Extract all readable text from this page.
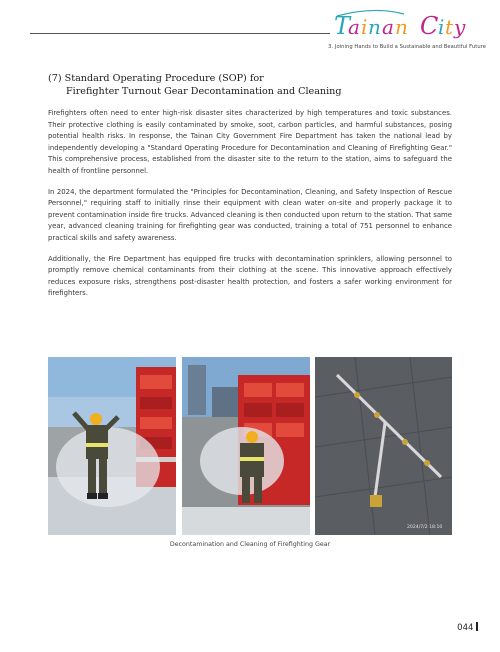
T
a i n a n C i t y
3. Joining Hands to Build a Sustainable and Beautiful Future
(7) Standard Operating Procedure (SOP) for
Firefighter Turnout Gear Decontamination and Cleaning

Firefighters often need to enter high-risk disaster sites characterized by high temperatures and toxic substances. Their protective clothing is easily contaminated by smoke, soot, carbon particles, and harmful substances, posing potential health risks. In response, the Tainan City Government Fire Department has taken the national lead by independently developing a "Standard Operating Procedure for Decontamination and Cleaning of Firefighting Gear." This comprehensive process, established from the disaster site to the return to the station, aims to safeguard the health of frontline personnel.

In 2024, the department formulated the "Principles for Decontamination, Cleaning, and Safety Inspection of Rescue Personnel," requiring staff to initially rinse their equipment with clean water on-site and properly package it to prevent contamination inside fire trucks. Advanced cleaning is then conducted upon return to the station. That same year, advanced cleaning training for firefighting gear was conducted, training a total of 751 personnel to enhance practical skills and safety awareness.

Additionally, the Fire Department has equipped fire trucks with decontamination sprinklers, allowing personnel to promptly remove chemical contaminants from their clothing at the scene. This innovative approach effectively reduces exposure risks, strengthens post-disaster health protection, and fosters a safer working environment for firefighters.

2024/7/2 18:10
Decontamination and Cleaning of Firefighting Gear
044
